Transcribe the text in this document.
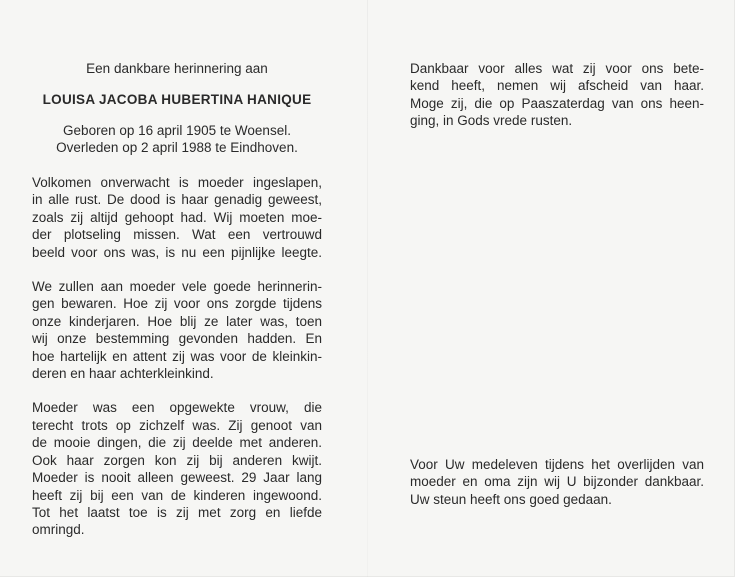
Een dankbare herinnering aan
LOUISA JACOBA HUBERTINA HANIQUE
Geboren op 16 april 1905 te Woensel.
Overleden op 2 april 1988 te Eindhoven.
Volkomen onverwacht is moeder ingeslapen,
in alle rust. De dood is haar genadig geweest,
zoals zij altijd gehoopt had. Wij moeten moe-
der plotseling missen. Wat een vertrouwd
beeld voor ons was, is nu een pijnlijke leegte.
We zullen aan moeder vele goede herinnerin-
gen bewaren. Hoe zij voor ons zorgde tijdens
onze kinderjaren. Hoe blij ze later was, toen
wij onze bestemming gevonden hadden. En
hoe hartelijk en attent zij was voor de kleinkin-
deren en haar achterkleinkind.
Moeder was een opgewekte vrouw, die
terecht trots op zichzelf was. Zij genoot van
de mooie dingen, die zij deelde met anderen.
Ook haar zorgen kon zij bij anderen kwijt.
Moeder is nooit alleen geweest. 29 Jaar lang
heeft zij bij een van de kinderen ingewoond.
Tot het laatst toe is zij met zorg en liefde
omringd.
Dankbaar voor alles wat zij voor ons bete-
kend heeft, nemen wij afscheid van haar.
Moge zij, die op Paaszaterdag van ons heen-
ging, in Gods vrede rusten.
Voor Uw medeleven tijdens het overlijden van
moeder en oma zijn wij U bijzonder dankbaar.
Uw steun heeft ons goed gedaan.
